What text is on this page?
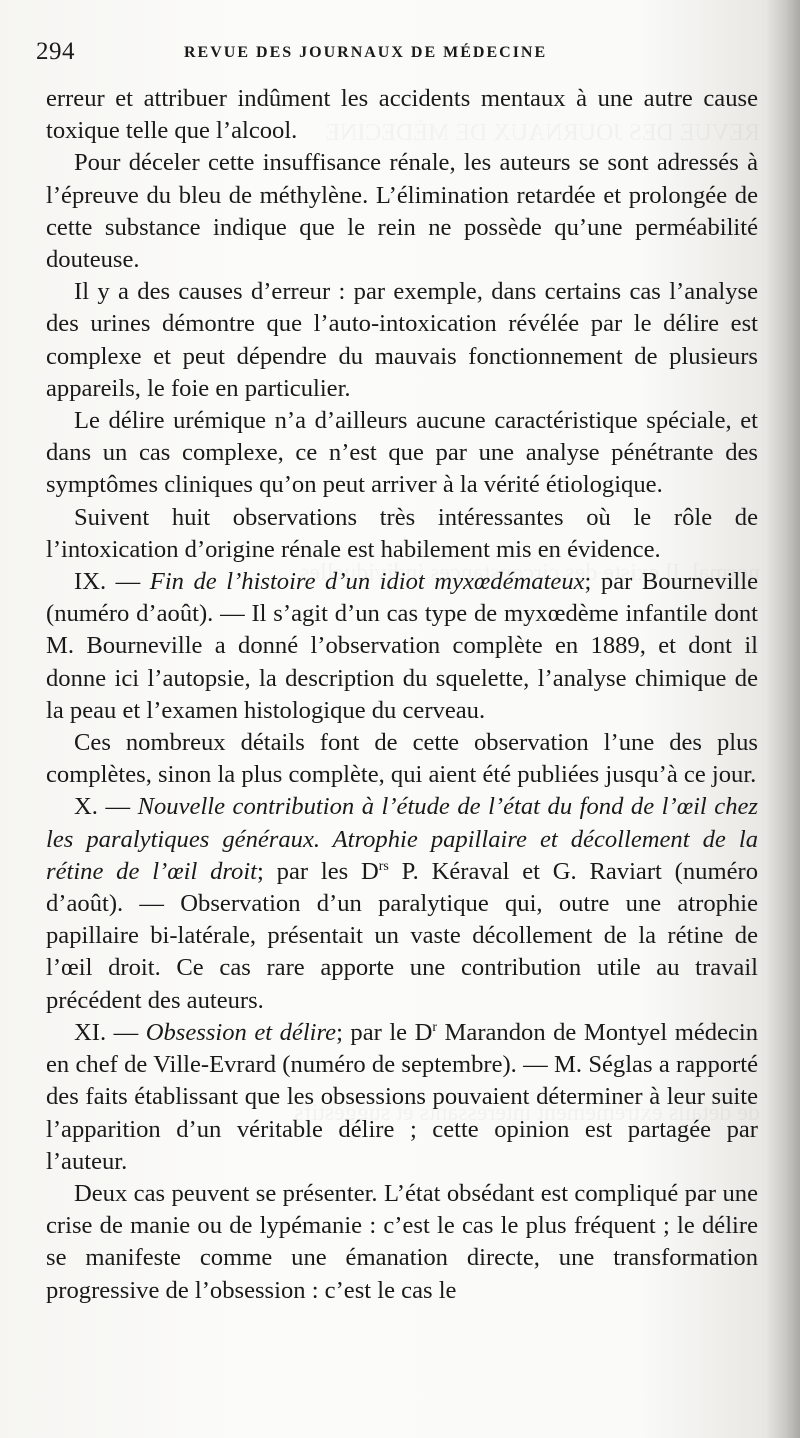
294	REVUE DES JOURNAUX DE MÉDECINE

erreur et attribuer indûment les accidents mentaux à une autre cause toxique telle que l’alcool.

Pour déceler cette insuffisance rénale, les auteurs se sont adressés à l’épreuve du bleu de méthylène. L’élimination retardée et prolongée de cette substance indique que le rein ne possède qu’une perméabilité douteuse.

Il y a des causes d’erreur : par exemple, dans certains cas l’analyse des urines démontre que l’auto-intoxication révélée par le délire est complexe et peut dépendre du mauvais fonctionnement de plusieurs appareils, le foie en particulier.

Le délire urémique n’a d’ailleurs aucune caractéristique spéciale, et dans un cas complexe, ce n’est que par une analyse pénétrante des symptômes cliniques qu’on peut arriver à la vérité étiologique.

Suivent huit observations très intéressantes où le rôle de l’intoxication d’origine rénale est habilement mis en évidence.

IX. — Fin de l’histoire d’un idiot myxœdémateux; par Bourneville (numéro d’août). — Il s’agit d’un cas type de myxœdème infantile dont M. Bourneville a donné l’observation complète en 1889, et dont il donne ici l’autopsie, la description du squelette, l’analyse chimique de la peau et l’examen histologique du cerveau.

Ces nombreux détails font de cette observation l’une des plus complètes, sinon la plus complète, qui aient été publiées jusqu’à ce jour.

X. — Nouvelle contribution à l’étude de l’état du fond de l’œil chez les paralytiques généraux. Atrophie papillaire et décollement de la rétine de l’œil droit; par les $D^{rs}$ P. Kéraval et G. Raviart (numéro d’août). — Observation d’un paralytique qui, outre une atrophie papillaire bi-latérale, présentait un vaste décollement de la rétine de l’œil droit. Ce cas rare apporte une contribution utile au travail précédent des auteurs.

XI. — Obsession et délire; par le $D^r$ Marandon de Montyel médecin en chef de Ville-Evrard (numéro de septembre). — M. Séglas a rapporté des faits établissant que les obsessions pouvaient déterminer à leur suite l’apparition d’un véritable délire ; cette opinion est partagée par l’auteur.

Deux cas peuvent se présenter. L’état obsédant est compliqué par une crise de manie ou de lypémanie : c’est le cas le plus fréquent ; le délire se manifeste comme une émanation directe, une transformation progressive de l’obsession : c’est le cas le
